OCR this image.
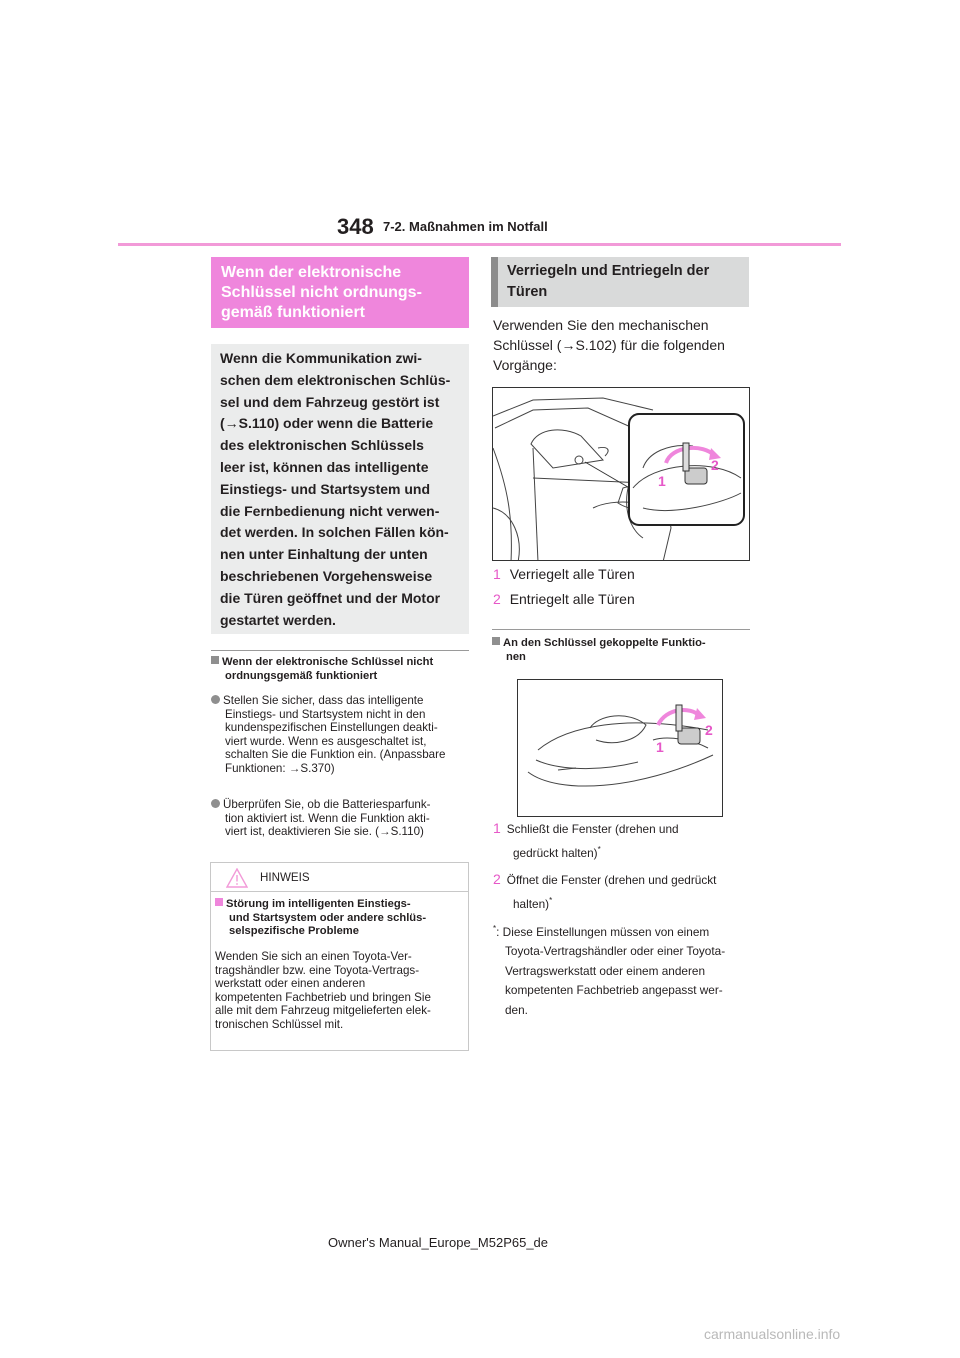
348 7-2. Maßnahmen im Notfall
Wenn der elektronische
Schlüssel nicht ordnungs-
gemäß funktioniert
Wenn die Kommunikation zwi-
schen dem elektronischen Schlüs-
sel und dem Fahrzeug gestört ist
(→S.110) oder wenn die Batterie
des elektronischen Schlüssels
leer ist, können das intelligente
Einstiegs- und Startsystem und
die Fernbedienung nicht verwen-
det werden. In solchen Fällen kön-
nen unter Einhaltung der unten
beschriebenen Vorgehensweise
die Türen geöffnet und der Motor
gestartet werden.
Wenn der elektronische Schlüssel nicht
ordnungsgemäß funktioniert
Stellen Sie sicher, dass das intelligente
Einstiegs- und Startsystem nicht in den
kundenspezifischen Einstellungen deakti-
viert wurde. Wenn es ausgeschaltet ist,
schalten Sie die Funktion ein. (Anpassbare
Funktionen: →S.370)
Überprüfen Sie, ob die Batteriesparfunk-
tion aktiviert ist. Wenn die Funktion akti-
viert ist, deaktivieren Sie sie. (→S.110)
HINWEIS
Störung im intelligenten Einstiegs-
und Startsystem oder andere schlüs-
selspezifische Probleme
Wenden Sie sich an einen Toyota-Ver-
tragshändler bzw. eine Toyota-Vertrags-
werkstatt oder einen anderen
kompetenten Fachbetrieb und bringen Sie
alle mit dem Fahrzeug mitgelieferten elek-
tronischen Schlüssel mit.
Verriegeln und Entriegeln der
Türen
Verwenden Sie den mechanischen
Schlüssel (→S.102) für die folgenden
Vorgänge:
1
2
1 Verriegelt alle Türen
2 Entriegelt alle Türen
An den Schlüssel gekoppelte Funktio-
nen
1
2
1 Schließt die Fenster (drehen und
gedrückt halten)*
2 Öffnet die Fenster (drehen und gedrückt
halten)*
*: Diese Einstellungen müssen von einem
Toyota-Vertragshändler oder einer Toyota-
Vertragswerkstatt oder einem anderen
kompetenten Fachbetrieb angepasst wer-
den.
Owner's Manual_Europe_M52P65_de
carmanualsonline.info
